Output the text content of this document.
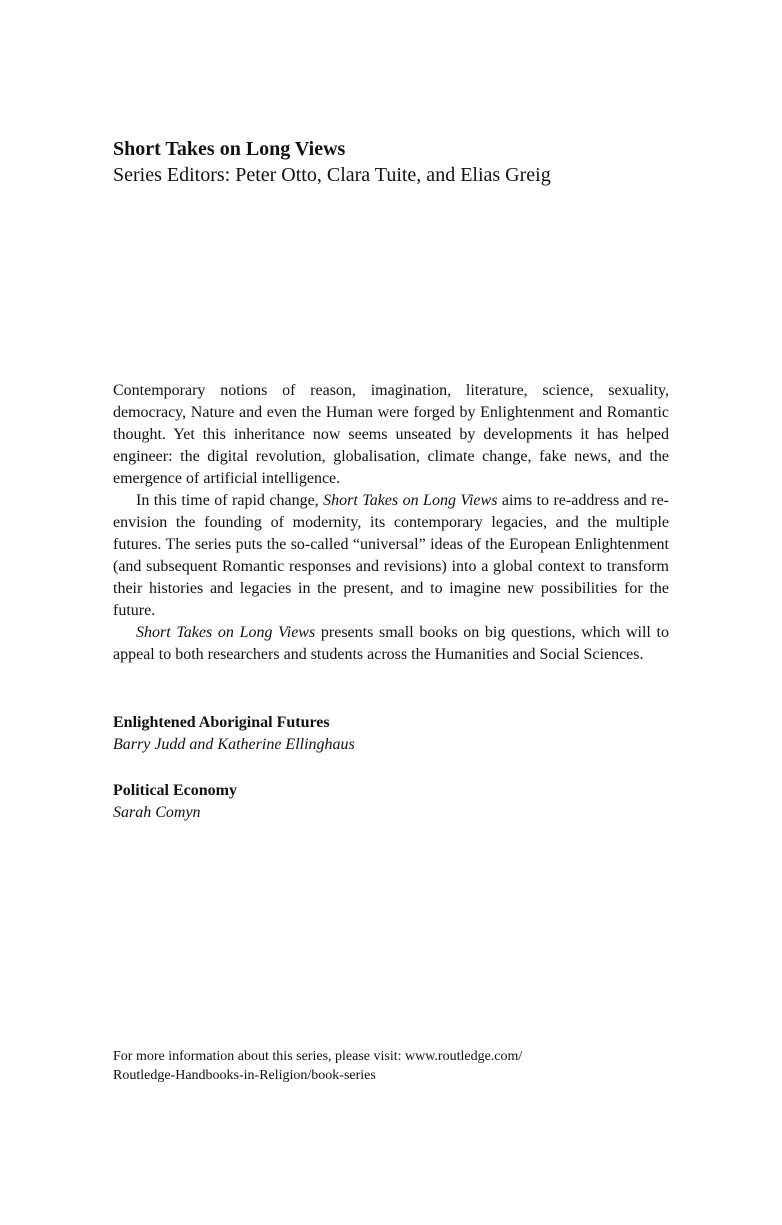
Short Takes on Long Views

Series Editors: Peter Otto, Clara Tuite, and Elias Greig

Contemporary notions of reason, imagination, literature, science, sexuality, democracy, Nature and even the Human were forged by Enlightenment and Romantic thought. Yet this inheritance now seems unseated by developments it has helped engineer: the digital revolution, globalisation, climate change, fake news, and the emergence of artificial intelligence.

In this time of rapid change, Short Takes on Long Views aims to re-address and re-envision the founding of modernity, its contemporary legacies, and the multiple futures. The series puts the so-called “universal” ideas of the European Enlightenment (and subsequent Romantic responses and revisions) into a global context to transform their histories and legacies in the present, and to imagine new possibilities for the future.

Short Takes on Long Views presents small books on big questions, which will to appeal to both researchers and students across the Humanities and Social Sciences.

Enlightened Aboriginal Futures
Barry Judd and Katherine Ellinghaus
Political Economy
Sarah Comyn
For more information about this series, please visit: www.routledge.com/
Routledge-Handbooks-in-Religion/book-series
